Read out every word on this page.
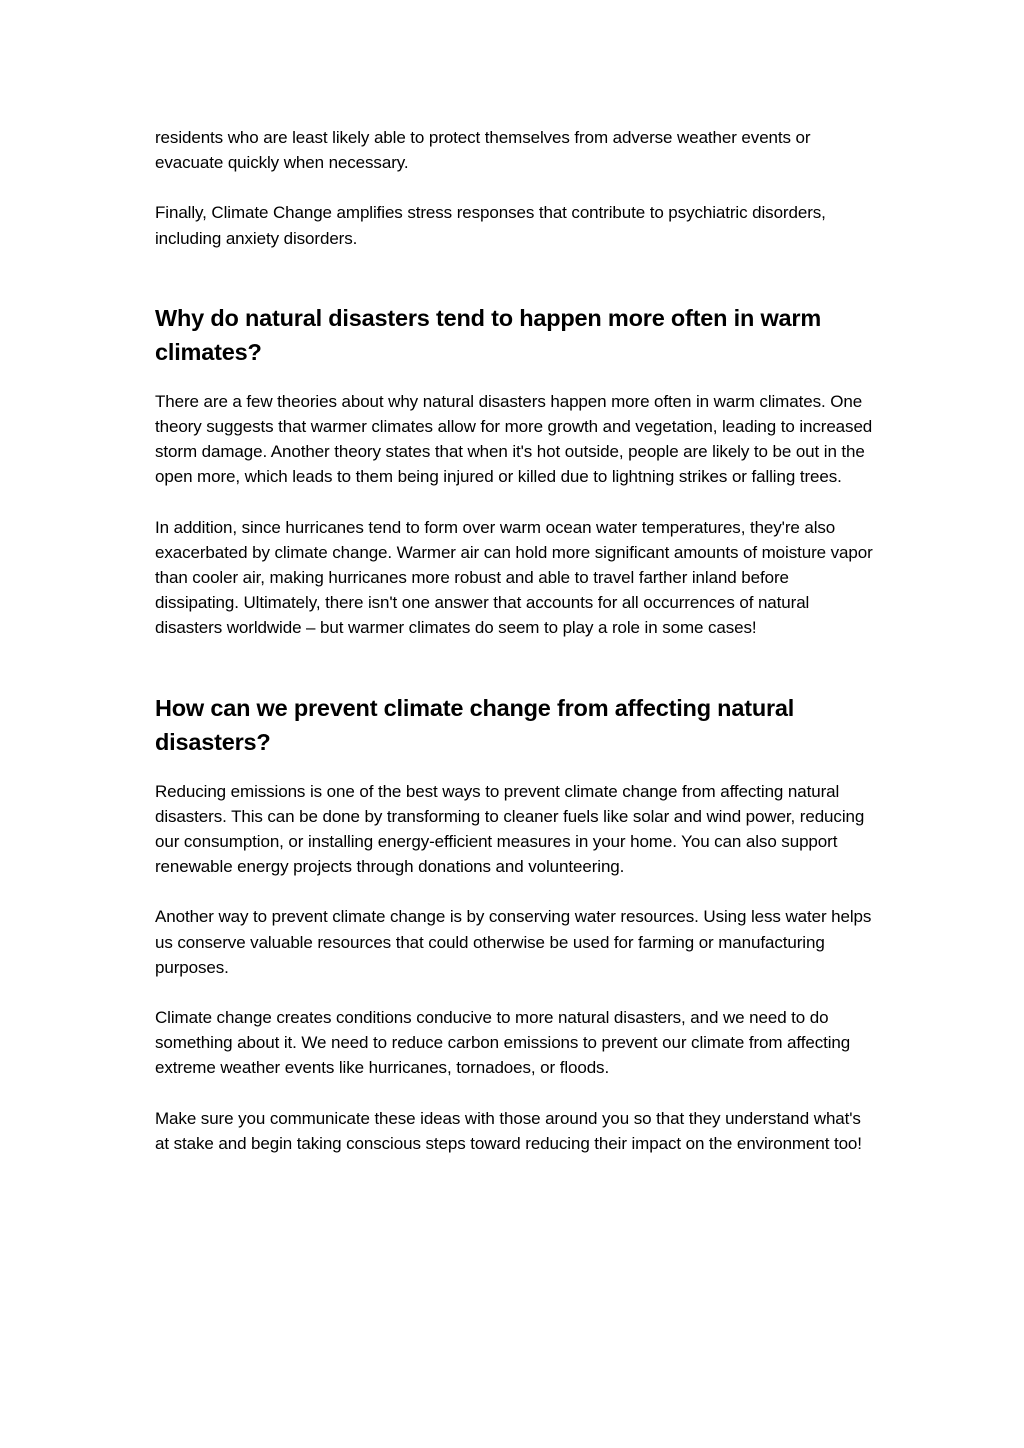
residents who are least likely able to protect themselves from adverse weather events or evacuate quickly when necessary.

Finally, Climate Change amplifies stress responses that contribute to psychiatric disorders, including anxiety disorders.

Why do natural disasters tend to happen more often in warm climates?

There are a few theories about why natural disasters happen more often in warm climates. One theory suggests that warmer climates allow for more growth and vegetation, leading to increased storm damage. Another theory states that when it's hot outside, people are likely to be out in the open more, which leads to them being injured or killed due to lightning strikes or falling trees.

In addition, since hurricanes tend to form over warm ocean water temperatures, they're also exacerbated by climate change. Warmer air can hold more significant amounts of moisture vapor than cooler air, making hurricanes more robust and able to travel farther inland before dissipating. Ultimately, there isn't one answer that accounts for all occurrences of natural disasters worldwide – but warmer climates do seem to play a role in some cases!

How can we prevent climate change from affecting natural disasters?

Reducing emissions is one of the best ways to prevent climate change from affecting natural disasters. This can be done by transforming to cleaner fuels like solar and wind power, reducing our consumption, or installing energy-efficient measures in your home. You can also support renewable energy projects through donations and volunteering.

Another way to prevent climate change is by conserving water resources. Using less water helps us conserve valuable resources that could otherwise be used for farming or manufacturing purposes.

Climate change creates conditions conducive to more natural disasters, and we need to do something about it. We need to reduce carbon emissions to prevent our climate from affecting extreme weather events like hurricanes, tornadoes, or floods.

Make sure you communicate these ideas with those around you so that they understand what's at stake and begin taking conscious steps toward reducing their impact on the environment too!
